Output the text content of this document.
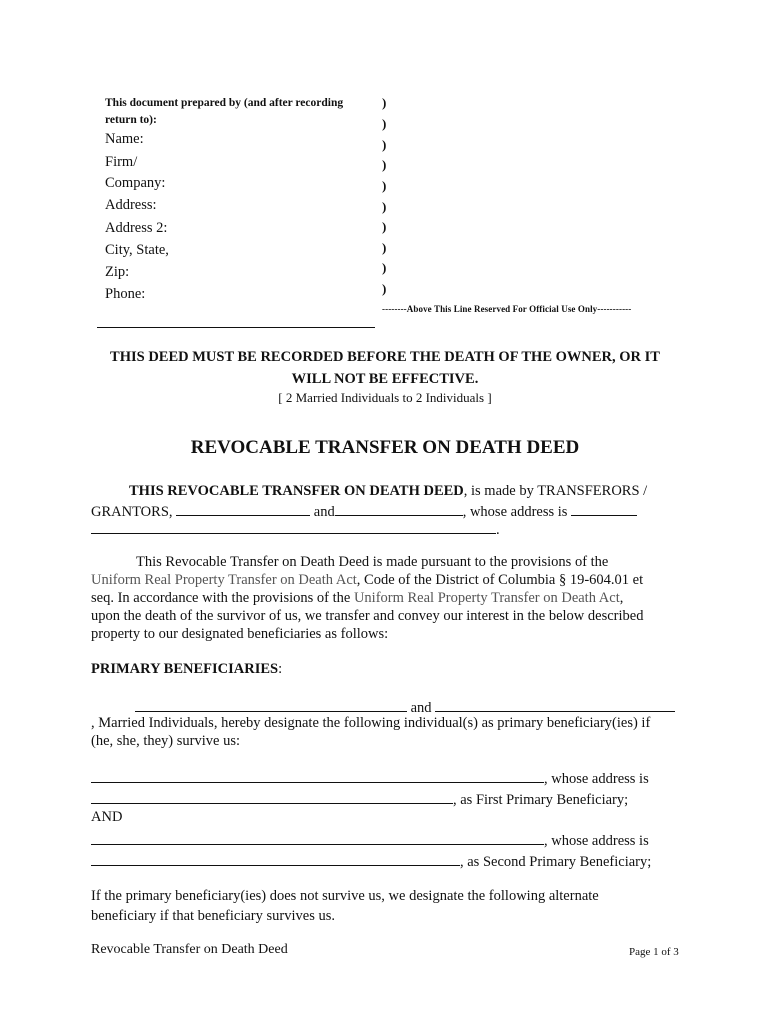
This document prepared by (and after recording
return to):
Name:
Firm/
Company:
Address:
Address 2:
City, State,
Zip:
Phone:
)
)
)
)
)
)
)
)
)
)
--------Above This Line Reserved For Official Use Only-----------
THIS DEED MUST BE RECORDED BEFORE THE DEATH OF THE OWNER, OR IT
WILL NOT BE EFFECTIVE.
[ 2 Married Individuals to 2 Individuals ]
REVOCABLE TRANSFER ON DEATH DEED
THIS REVOCABLE TRANSFER ON DEATH DEED, is made by TRANSFERORS /
GRANTORS,	and	, whose address is
.
This Revocable Transfer on Death Deed is made pursuant to the provisions of the
Uniform Real Property Transfer on Death Act, Code of the District of Columbia § 19-604.01 et
seq. In accordance with the provisions of the Uniform Real Property Transfer on Death Act,
upon the death of the survivor of us, we transfer and convey our interest in the below described
property to our designated beneficiaries as follows:
PRIMARY BENEFICIARIES:
and
, Married Individuals, hereby designate the following individual(s) as primary beneficiary(ies) if
(he, she, they) survive us:
, whose address is
, as First Primary Beneficiary;
AND
, whose address is
, as Second Primary Beneficiary;
If the primary beneficiary(ies) does not survive us, we designate the following alternate
beneficiary if that beneficiary survives us.
Revocable Transfer on Death Deed	Page 1 of 3
